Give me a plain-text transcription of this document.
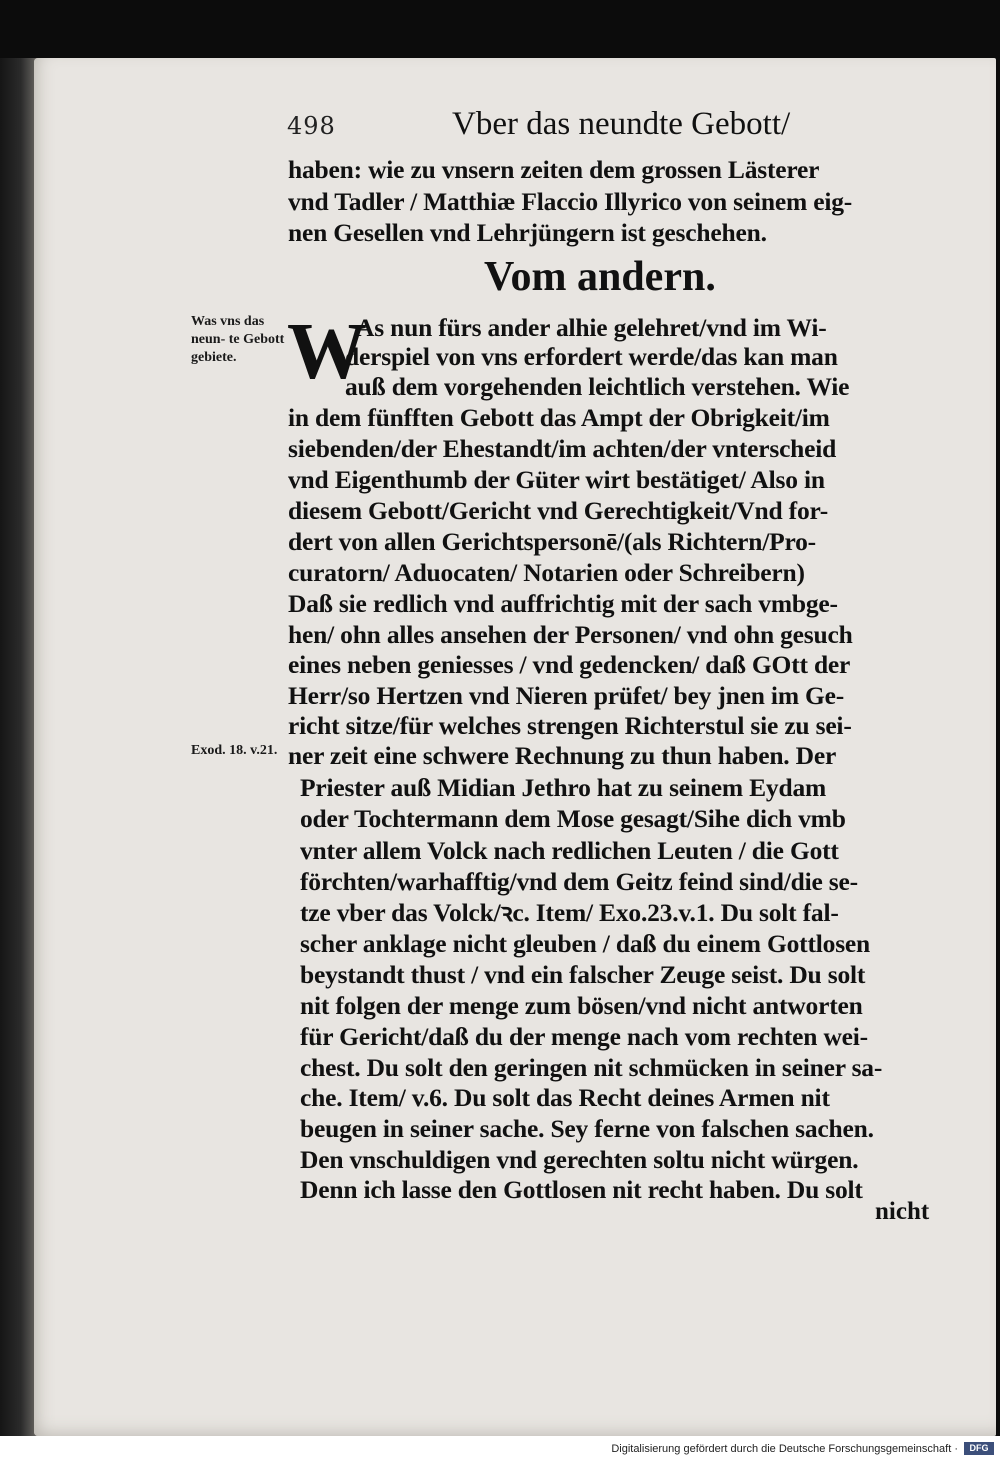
498	Vber das neundte Gebott/
haben: wie zu vnsern zeiten dem grossen Lästerer
vnd Tadler / Matthiæ Flaccio Illyrico von seinem eig-
nen Gesellen vnd Lehrjüngern ist geschehen.
Vom andern.
W
Was vns das neun- te Gebott gebiete.
Exod. 18. v.21.
As nun fürs ander alhie gelehret/vnd im Wi-
derspiel von vns erfordert werde/das kan man
auß dem vorgehenden leichtlich verstehen. Wie
in dem fünfften Gebott das Ampt der Obrigkeit/im
siebenden/der Ehestandt/im achten/der vnterscheid
vnd Eigenthumb der Güter wirt bestätiget/ Also in
diesem Gebott/Gericht vnd Gerechtigkeit/Vnd for-
dert von allen Gerichtspersonē/(als Richtern/Pro-
curatorn/ Aduocaten/ Notarien oder Schreibern)
Daß sie redlich vnd auffrichtig mit der sach vmbge-
hen/ ohn alles ansehen der Personen/ vnd ohn gesuch
eines neben geniesses / vnd gedencken/ daß GOtt der
Herr/so Hertzen vnd Nieren prüfet/ bey jnen im Ge-
richt sitze/für welches strengen Richterstul sie zu sei-
ner zeit eine schwere Rechnung zu thun haben. Der
Priester auß Midian Jethro hat zu seinem Eydam
oder Tochtermann dem Mose gesagt/Sihe dich vmb
vnter allem Volck nach redlichen Leuten / die Gott
förchten/warhafftig/vnd dem Geitz feind sind/die se-
tze vber das Volck/ꝛc. Item/ Exo.23.v.1. Du solt fal-
scher anklage nicht gleuben / daß du einem Gottlosen
beystandt thust / vnd ein falscher Zeuge seist. Du solt
nit folgen der menge zum bösen/vnd nicht antworten
für Gericht/daß du der menge nach vom rechten wei-
chest. Du solt den geringen nit schmücken in seiner sa-
che. Item/ v.6. Du solt das Recht deines Armen nit
beugen in seiner sache. Sey ferne von falschen sachen.
Den vnschuldigen vnd gerechten soltu nicht würgen.
Denn ich lasse den Gottlosen nit recht haben. Du solt
nicht
Digitalisierung gefördert durch die Deutsche Forschungsgemeinschaft ·	DFG
